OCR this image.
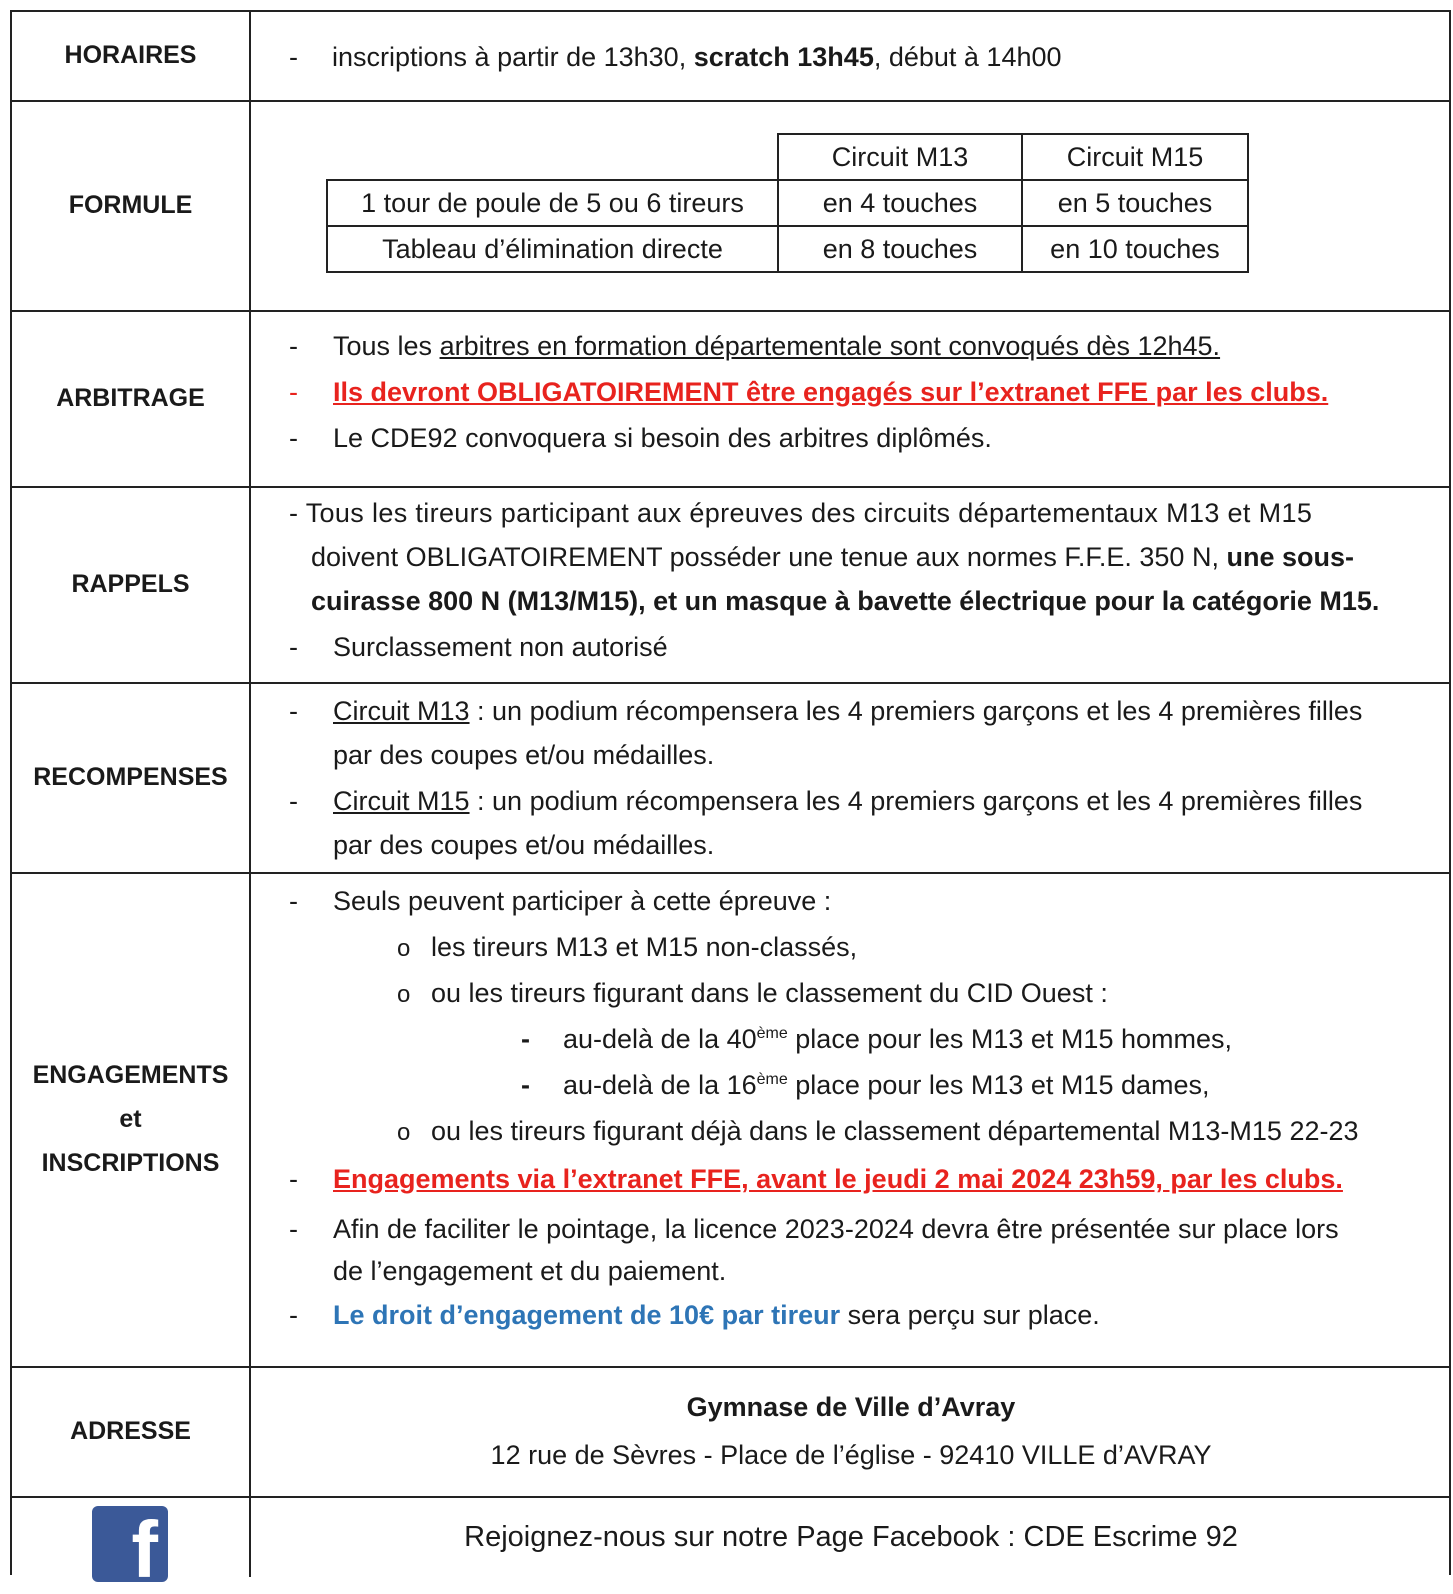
HORAIRES	- inscriptions à partir de 13h30, scratch 13h45, début à 14h00
FORMULE
	Circuit M13	Circuit M15
1 tour de poule de 5 ou 6 tireurs	en 4 touches	en 5 touches
Tableau d’élimination directe	en 8 touches	en 10 touches
ARBITRAGE
- Tous les arbitres en formation départementale sont convoqués dès 12h45.
- Ils devront OBLIGATOIREMENT être engagés sur l’extranet FFE par les clubs.
- Le CDE92 convoquera si besoin des arbitres diplômés.
RAPPELS
- Tous les tireurs participant aux épreuves des circuits départementaux M13 et M15
doivent OBLIGATOIREMENT posséder une tenue aux normes F.F.E. 350 N, une sous-
cuirasse 800 N (M13/M15), et un masque à bavette électrique pour la catégorie M15.
- Surclassement non autorisé
RECOMPENSES
- Circuit M13 : un podium récompensera les 4 premiers garçons et les 4 premières filles
par des coupes et/ou médailles.
- Circuit M15 : un podium récompensera les 4 premiers garçons et les 4 premières filles
par des coupes et/ou médailles.
ENGAGEMENTS
et
INSCRIPTIONS
- Seuls peuvent participer à cette épreuve :
o les tireurs M13 et M15 non-classés,
o ou les tireurs figurant dans le classement du CID Ouest :
- au-delà de la 40ème place pour les M13 et M15 hommes,
- au-delà de la 16ème place pour les M13 et M15 dames,
o ou les tireurs figurant déjà dans le classement départemental M13-M15 22-23
- Engagements via l’extranet FFE, avant le jeudi 2 mai 2024 23h59, par les clubs.
- Afin de faciliter le pointage, la licence 2023-2024 devra être présentée sur place lors
de l’engagement et du paiement.
- Le droit d’engagement de 10€ par tireur sera perçu sur place.
ADRESSE
Gymnase de Ville d’Avray
12 rue de Sèvres - Place de l’église - 92410 VILLE d’AVRAY
f	Rejoignez-nous sur notre Page Facebook : CDE Escrime 92
